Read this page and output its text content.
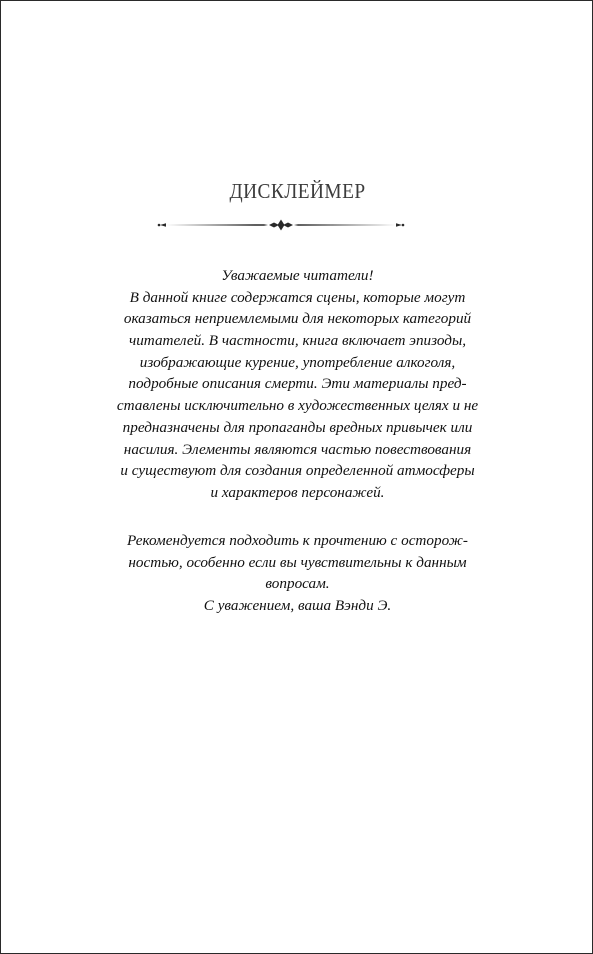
ДИСКЛЕЙМЕР
Уважаемые читатели!
В данной книге содержатся сцены, которые могут
оказаться неприемлемыми для некоторых категорий
читателей. В частности, книга включает эпизоды,
изображающие курение, употребление алкоголя,
подробные описания смерти. Эти материалы пред-
ставлены исключительно в художественных целях и не
предназначены для пропаганды вредных привычек или
насилия. Элементы являются частью повествования
и существуют для создания определенной атмосферы
и характеров персонажей.
Рекомендуется подходить к прочтению с осторож-
ностью, особенно если вы чувствительны к данным
вопросам.
С уважением, ваша Вэнди Э.
